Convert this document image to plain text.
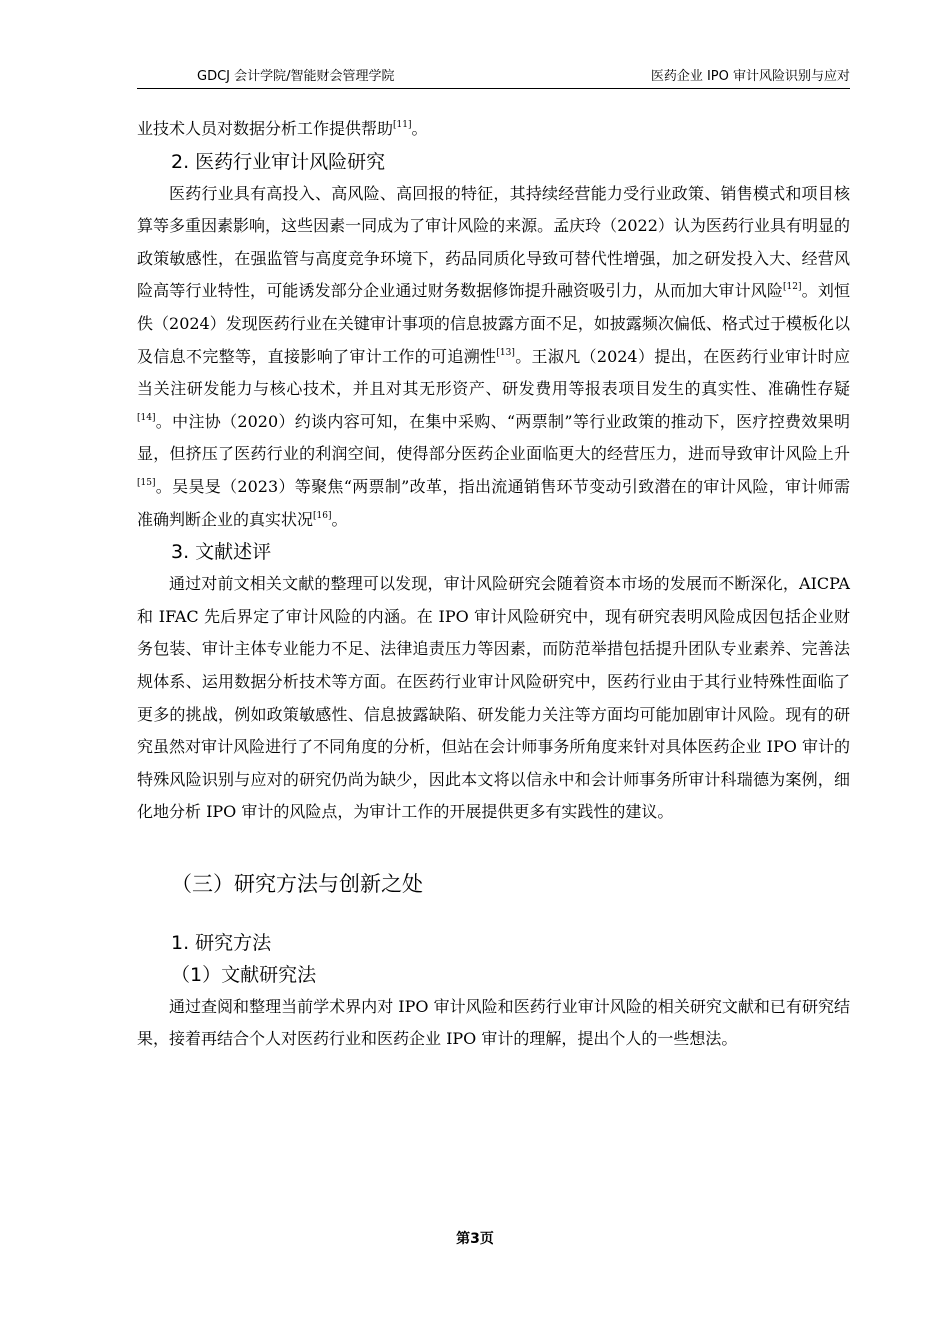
GDCJ 会计学院/智能财会管理学院	医药企业 IPO 审计风险识别与应对

业技术人员对数据分析工作提供帮助[11]。

2. 医药行业审计风险研究

医药行业具有高投入、高风险、高回报的特征，其持续经营能力受行业政策、销售模式和项目核算等多重因素影响，这些因素一同成为了审计风险的来源。孟庆玲（2022）认为医药行业具有明显的政策敏感性，在强监管与高度竞争环境下，药品同质化导致可替代性增强，加之研发投入大、经营风险高等行业特性，可能诱发部分企业通过财务数据修饰提升融资吸引力，从而加大审计风险[12]。刘恒佚（2024）发现医药行业在关键审计事项的信息披露方面不足，如披露频次偏低、格式过于模板化以及信息不完整等，直接影响了审计工作的可追溯性[13]。王淑凡（2024）提出，在医药行业审计时应当关注研发能力与核心技术，并且对其无形资产、研发费用等报表项目发生的真实性、准确性存疑[14]。中注协（2020）约谈内容可知，在集中采购、“两票制”等行业政策的推动下，医疗控费效果明显，但挤压了医药行业的利润空间，使得部分医药企业面临更大的经营压力，进而导致审计风险上升[15]。吴昊旻（2023）等聚焦“两票制”改革，指出流通销售环节变动引致潜在的审计风险，审计师需准确判断企业的真实状况[16]。

3. 文献述评

通过对前文相关文献的整理可以发现，审计风险研究会随着资本市场的发展而不断深化，AICPA 和 IFAC 先后界定了审计风险的内涵。在 IPO 审计风险研究中，现有研究表明风险成因包括企业财务包装、审计主体专业能力不足、法律追责压力等因素，而防范举措包括提升团队专业素养、完善法规体系、运用数据分析技术等方面。在医药行业审计风险研究中，医药行业由于其行业特殊性面临了更多的挑战，例如政策敏感性、信息披露缺陷、研发能力关注等方面均可能加剧审计风险。现有的研究虽然对审计风险进行了不同角度的分析，但站在会计师事务所角度来针对具体医药企业 IPO 审计的特殊风险识别与应对的研究仍尚为缺少，因此本文将以信永中和会计师事务所审计科瑞德为案例，细化地分析 IPO 审计的风险点，为审计工作的开展提供更多有实践性的建议。

（三）研究方法与创新之处
1. 研究方法
（1）文献研究法

通过查阅和整理当前学术界内对 IPO 审计风险和医药行业审计风险的相关研究文献和已有研究结果，接着再结合个人对医药行业和医药企业 IPO 审计的理解，提出个人的一些想法。

第3页
